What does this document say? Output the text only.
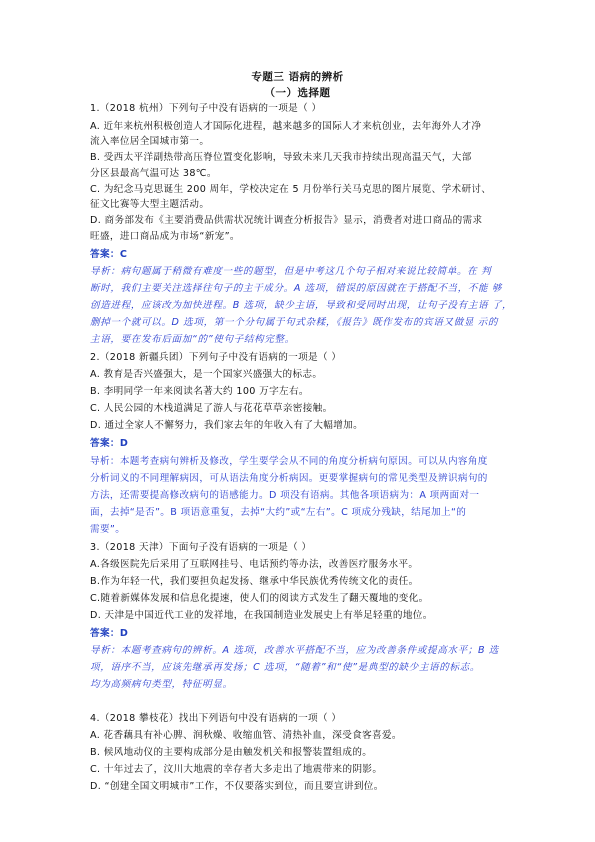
专题三 语病的辨析
（一）选择题
1.（2018 杭州）下列句子中没有语病的一项是（ ）
A. 近年来杭州积极创造人才国际化进程，越来越多的国际人才来杭创业，去年海外人才净
流入率位居全国城市第一。
B. 受西太平洋副热带高压脊位置变化影响，导致未来几天我市持续出现高温天气，大部
分区县最高气温可达 38℃。
C. 为纪念马克思诞生 200 周年，学校决定在 5 月份举行关马克思的图片展览、学术研讨、
征文比赛等大型主题活动。
D. 商务部发布《主要消费品供需状况统计调查分析报告》显示，消费者对进口商品的需求
旺盛，进口商品成为市场“新宠”。
答案：C
导析：病句题属于稍微有难度一些的题型，但是中考这几个句子相对来说比较简单。在 判
断时，我们主要关注选择往句子的主干成分。A 选项，错误的原因就在于搭配不当，不能 够
创造进程，应该改为加快进程。B 选项，缺少主语，导致和受同时出现，让句子没有主语 了，
删掉一个就可以。D 选项，第一个分句属于句式杂糅，《报告》既作发布的宾语又做显 示的
主语，要在发布后面加“的”使句子结构完整。
2.（2018 新疆兵团）下列句子中没有语病的一项是（ ）
A. 教育是否兴盛强大，是一个国家兴盛强大的标志。
B. 李明同学一年来阅读名著大约 100 万字左右。
C. 人民公园的木栈道满足了游人与花花草草亲密接触。
D. 通过全家人不懈努力，我们家去年的年收入有了大幅增加。
答案：D
导析：本题考查病句辨析及修改，学生要学会从不同的角度分析病句原因。可以从内容角度
分析词义的不同理解病因，可从语法角度分析病因。更要掌握病句的常见类型及辨识病句的
方法，还需要提高修改病句的语感能力。D 项没有语病。其他各项语病为：A 项两面对一
面，去掉“是否”。B 项语意重复，去掉“大约”或“左右”。C 项成分残缺，结尾加上“的
需要”。
3.（2018 天津）下面句子没有语病的一项是（ ）
A.各级医院先后采用了互联网挂号、电话预约等办法，改善医疗服务水平。
B.作为年轻一代，我们要担负起发扬、继承中华民族优秀传统文化的责任。
C.随着新媒体发展和信息化提速，使人们的阅读方式发生了翻天覆地的变化。
D. 天津是中国近代工业的发祥地，在我国制造业发展史上有举足轻重的地位。
答案：D
导析：本题考查病句的辨析。A 选项，改善水平搭配不当，应为改善条件或提高水平；B 选
项，语序不当，应该先继承再发扬；C 选项，“随着”和“使”是典型的缺少主语的标志。
均为高频病句类型，特征明显。
4.（2018 攀枝花）找出下列语句中没有语病的一项（ ）
A. 花香藕具有补心脾、润秋燥、收缩血管、清热补血，深受食客喜爱。
B. 候风地动仪的主要构成部分是由触发机关和报警装置组成的。
C. 十年过去了，汶川大地震的幸存者大多走出了地震带来的阴影。
D. “创建全国文明城市”工作，不仅要落实到位，而且要宣讲到位。
